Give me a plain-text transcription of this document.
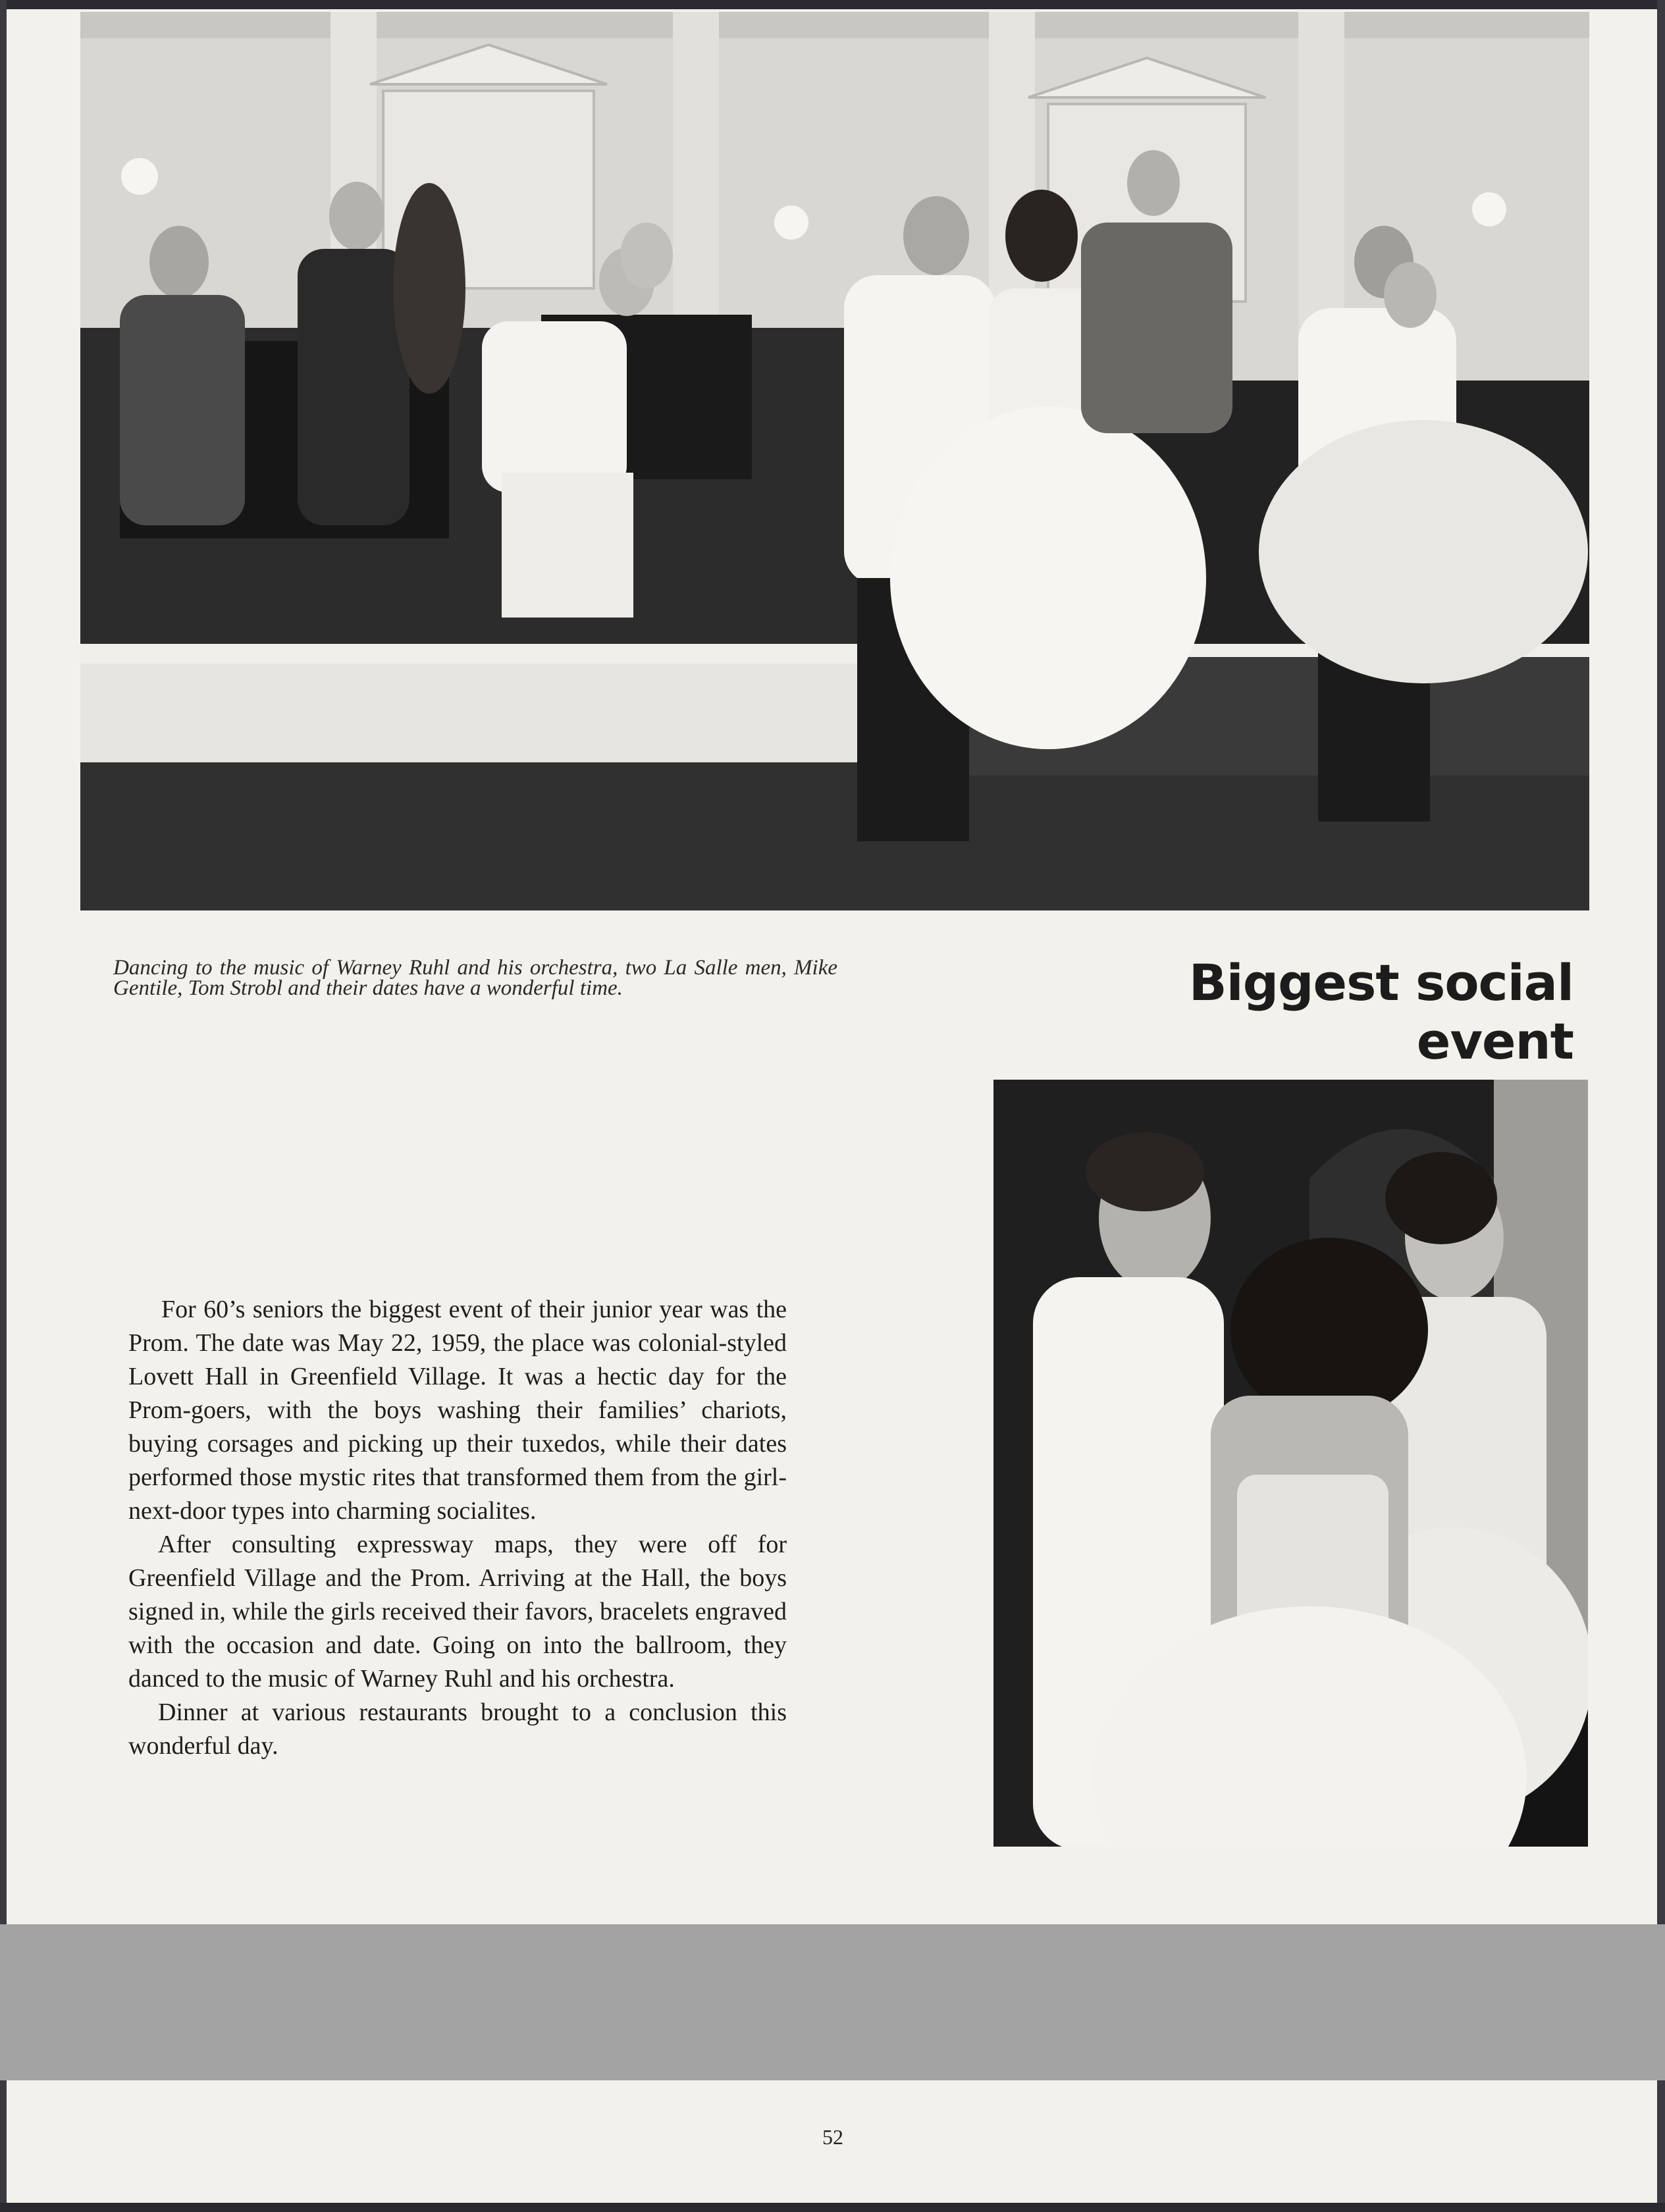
Dancing to the music of Warney Ruhl and his orchestra, two La Salle men, Mike Gentile, Tom Strobl and their dates have a wonderful time.	Biggest social event

For 60’s seniors the biggest event of their junior year was the Prom. The date was May 22, 1959, the place was colonial-styled Lovett Hall in Greenfield Village. It was a hectic day for the Prom-goers, with the boys washing their families’ chariots, buying corsages and picking up their tuxedos, while their dates performed those mystic rites that transformed them from the girl-next-door types into charming socialites.

After consulting expressway maps, they were off for Greenfield Village and the Prom. Arriving at the Hall, the boys signed in, while the girls received their favors, bracelets engraved with the occasion and date. Going on into the ballroom, they danced to the music of Warney Ruhl and his orchestra.

Dinner at various restaurants brought to a conclusion this wonderful day.

52
